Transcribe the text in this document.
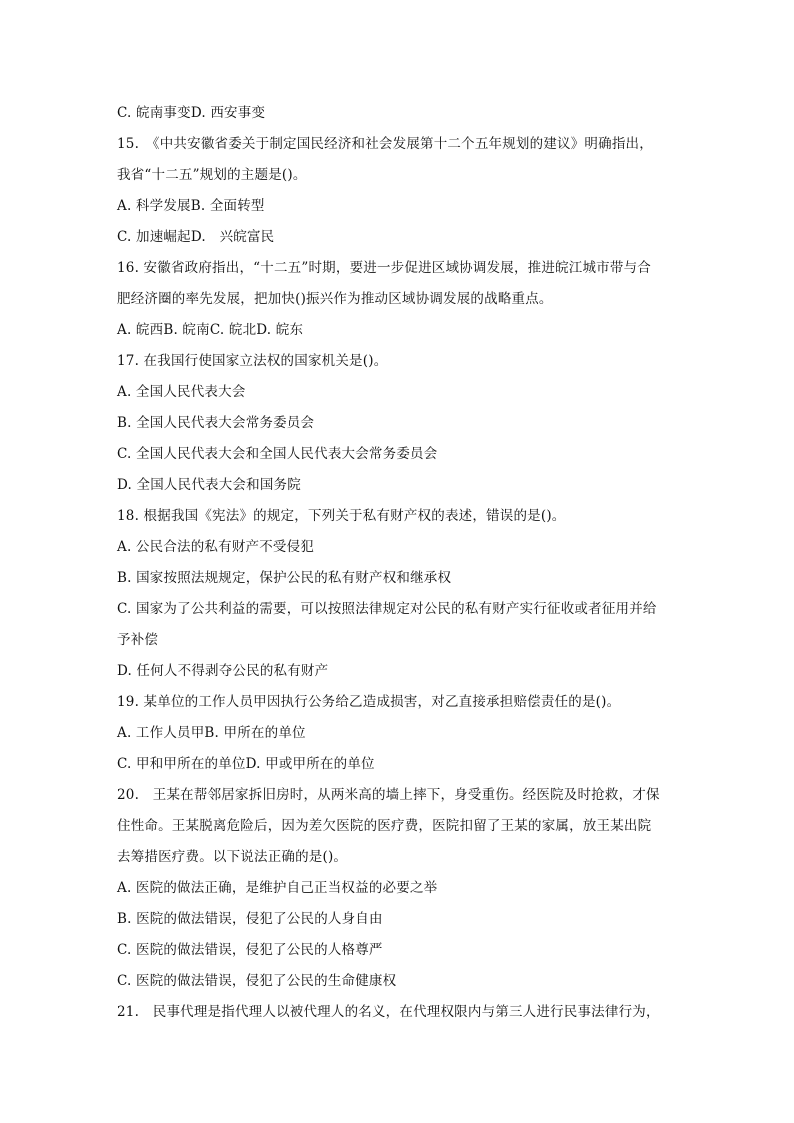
C. 皖南事变D. 西安事变
15.　《中共安徽省委关于制定国民经济和社会发展第十二个五年规划的建议》明确指出，
我省“十二五”规划的主题是()。
A. 科学发展B. 全面转型
C. 加速崛起D.　兴皖富民
16. 安徽省政府指出，“十二五”时期，要进一步促进区域协调发展，推进皖江城市带与合
肥经济圈的率先发展，把加快()振兴作为推动区域协调发展的战略重点。
A. 皖西B. 皖南C. 皖北D. 皖东
17. 在我国行使国家立法权的国家机关是()。
A. 全国人民代表大会
B. 全国人民代表大会常务委员会
C. 全国人民代表大会和全国人民代表大会常务委员会
D. 全国人民代表大会和国务院
18. 根据我国《宪法》的规定，下列关于私有财产权的表述，错误的是()。
A. 公民合法的私有财产不受侵犯
B. 国家按照法规规定，保护公民的私有财产权和继承权
C. 国家为了公共利益的需要，可以按照法律规定对公民的私有财产实行征收或者征用并给
予补偿
D. 任何人不得剥夺公民的私有财产
19. 某单位的工作人员甲因执行公务给乙造成损害，对乙直接承担赔偿责任的是()。
A. 工作人员甲B. 甲所在的单位
C. 甲和甲所在的单位D. 甲或甲所在的单位
20.　王某在帮邻居家拆旧房时，从两米高的墙上摔下，身受重伤。经医院及时抢救，才保
住性命。王某脱离危险后，因为差欠医院的医疗费，医院扣留了王某的家属，放王某出院
去筹措医疗费。以下说法正确的是()。
A. 医院的做法正确，是维护自己正当权益的必要之举
B. 医院的做法错误，侵犯了公民的人身自由
C. 医院的做法错误，侵犯了公民的人格尊严
C. 医院的做法错误，侵犯了公民的生命健康权
21.　民事代理是指代理人以被代理人的名义，在代理权限内与第三人进行民事法律行为，
